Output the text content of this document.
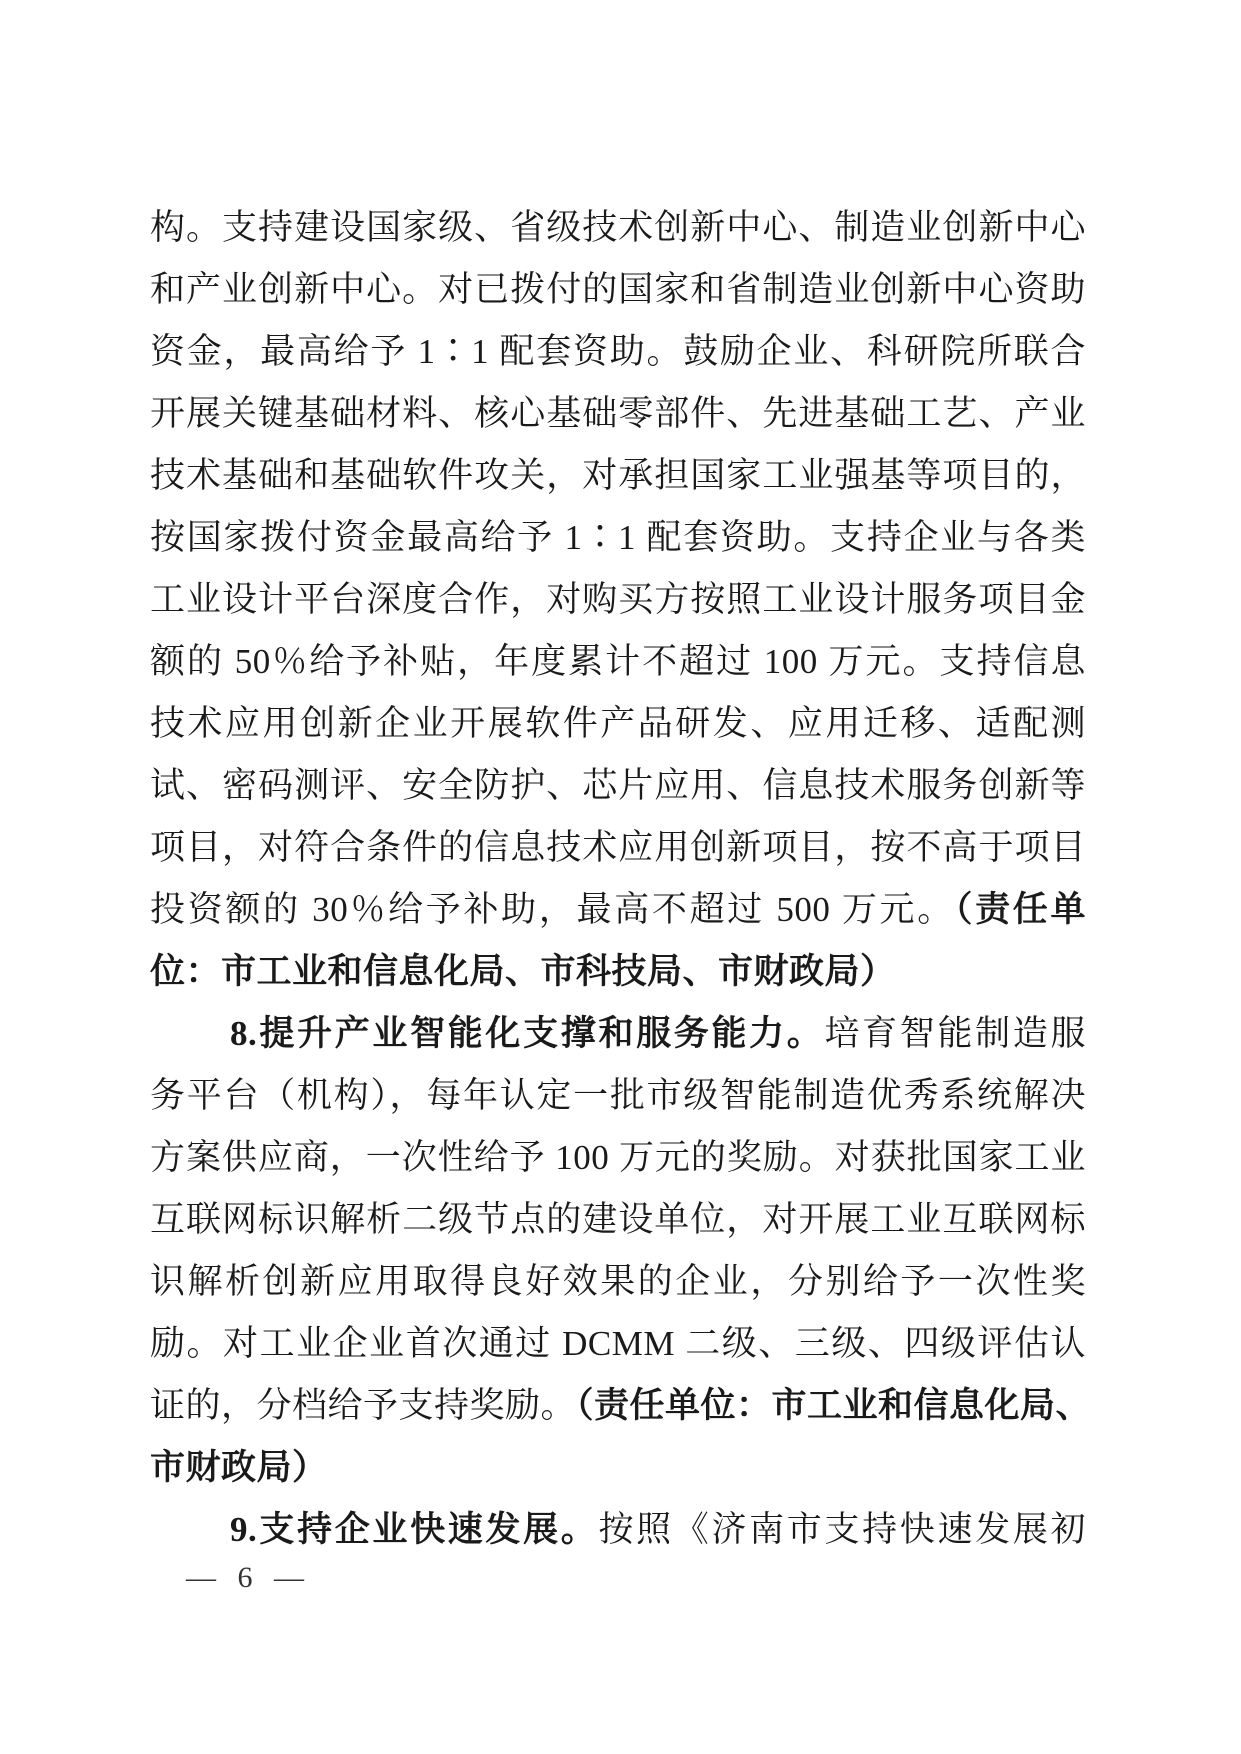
构。支持建设国家级、省级技术创新中心、制造业创新中心
和产业创新中心。对已拨付的国家和省制造业创新中心资助
资金，最高给予 1∶1 配套资助。鼓励企业、科研院所联合
开展关键基础材料、核心基础零部件、先进基础工艺、产业
技术基础和基础软件攻关，对承担国家工业强基等项目的，
按国家拨付资金最高给予 1∶1 配套资助。支持企业与各类
工业设计平台深度合作，对购买方按照工业设计服务项目金
额的 50％给予补贴，年度累计不超过 100 万元。支持信息
技术应用创新企业开展软件产品研发、应用迁移、适配测
试、密码测评、安全防护、芯片应用、信息技术服务创新等
项目，对符合条件的信息技术应用创新项目，按不高于项目
投资额的 30％给予补助，最高不超过 500 万元。（责任单
位：市工业和信息化局、市科技局、市财政局）
8.提升产业智能化支撑和服务能力。培育智能制造服
务平台（机构），每年认定一批市级智能制造优秀系统解决
方案供应商，一次性给予 100 万元的奖励。对获批国家工业
互联网标识解析二级节点的建设单位，对开展工业互联网标
识解析创新应用取得良好效果的企业，分别给予一次性奖
励。对工业企业首次通过 DCMM 二级、三级、四级评估认
证的，分档给予支持奖励。（责任单位：市工业和信息化局、
市财政局）
9.支持企业快速发展。按照《济南市支持快速发展初
— 6 —
